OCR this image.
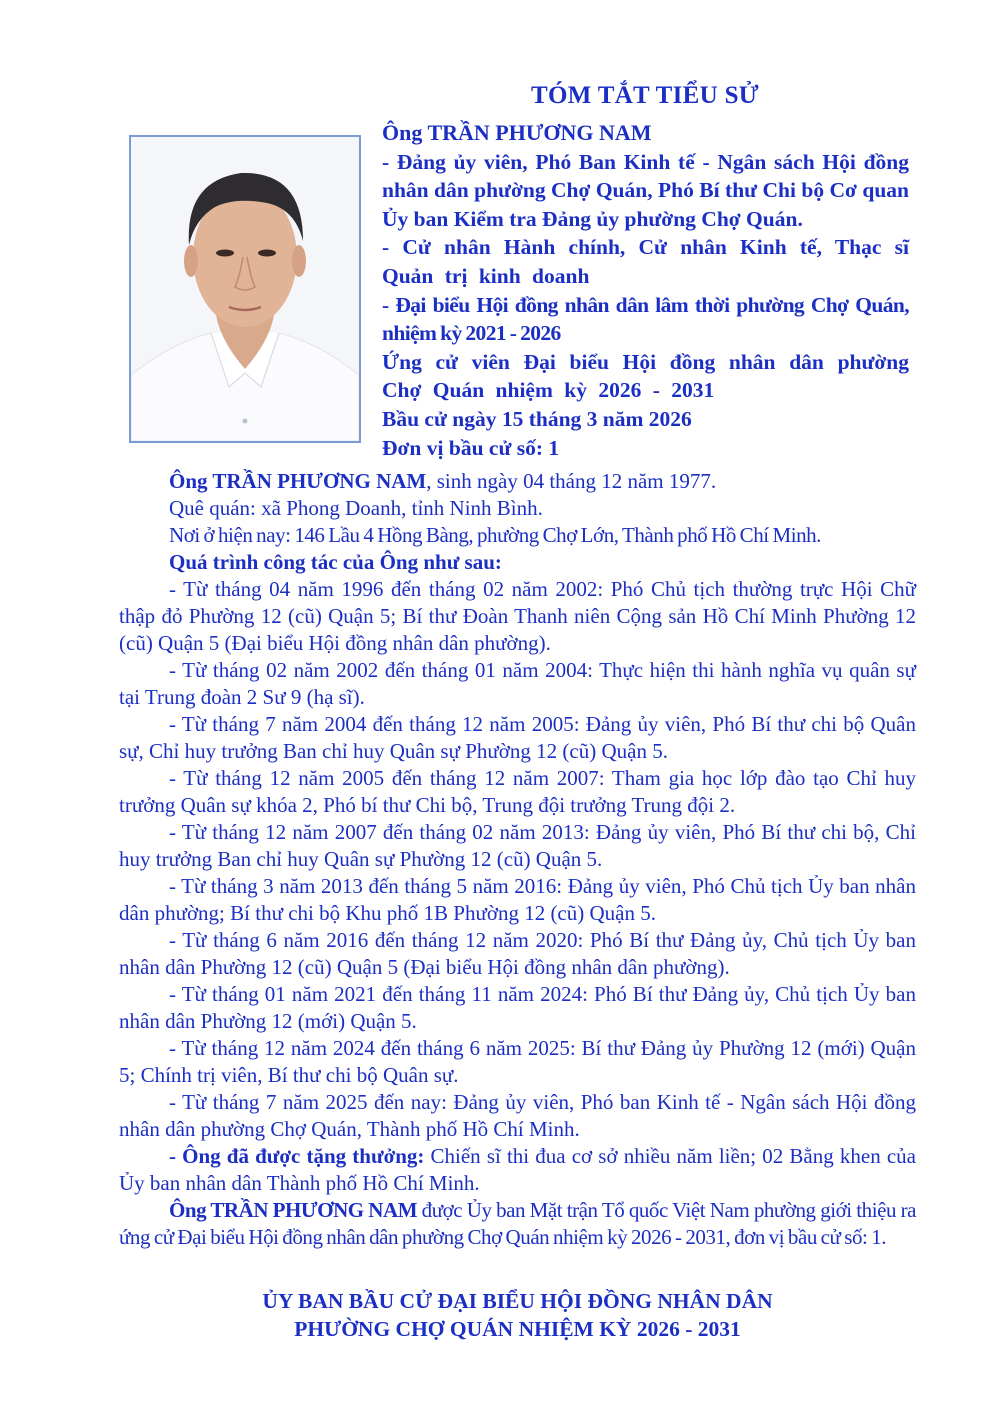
TÓM TẮT TIỂU SỬ

Ông TRẦN PHƯƠNG NAM

- Đảng ủy viên, Phó Ban Kinh tế - Ngân sách Hội đồng nhân dân phường Chợ Quán, Phó Bí thư Chi bộ Cơ quan Ủy ban Kiểm tra Đảng ủy phường Chợ Quán.

- Cử nhân Hành chính, Cử nhân Kinh tế, Thạc sĩ Quản trị kinh doanh

- Đại biểu Hội đồng nhân dân lâm thời phường Chợ Quán, nhiệm kỳ 2021 - 2026

Ứng cử viên Đại biểu Hội đồng nhân dân phường Chợ Quán nhiệm kỳ 2026 - 2031

Bầu cử ngày 15 tháng 3 năm 2026

Đơn vị bầu cử số: 1

Ông TRẦN PHƯƠNG NAM, sinh ngày 04 tháng 12 năm 1977.

Quê quán: xã Phong Doanh, tỉnh Ninh Bình.

Nơi ở hiện nay: 146 Lầu 4 Hồng Bàng, phường Chợ Lớn, Thành phố Hồ Chí Minh.

Quá trình công tác của Ông như sau:

- Từ tháng 04 năm 1996 đến tháng 02 năm 2002: Phó Chủ tịch thường trực Hội Chữ thập đỏ Phường 12 (cũ) Quận 5; Bí thư Đoàn Thanh niên Cộng sản Hồ Chí Minh Phường 12 (cũ) Quận 5 (Đại biểu Hội đồng nhân dân phường).

- Từ tháng 02 năm 2002 đến tháng 01 năm 2004: Thực hiện thi hành nghĩa vụ quân sự tại Trung đoàn 2 Sư 9 (hạ sĩ).

- Từ tháng 7 năm 2004 đến tháng 12 năm 2005: Đảng ủy viên, Phó Bí thư chi bộ Quân sự, Chỉ huy trưởng Ban chỉ huy Quân sự Phường 12 (cũ) Quận 5.

- Từ tháng 12 năm 2005 đến tháng 12 năm 2007: Tham gia học lớp đào tạo Chỉ huy trưởng Quân sự khóa 2, Phó bí thư Chi bộ, Trung đội trưởng Trung đội 2.

- Từ tháng 12 năm 2007 đến tháng 02 năm 2013: Đảng ủy viên, Phó Bí thư chi bộ, Chỉ huy trưởng Ban chỉ huy Quân sự Phường 12 (cũ) Quận 5.

- Từ tháng 3 năm 2013 đến tháng 5 năm 2016: Đảng ủy viên, Phó Chủ tịch Ủy ban nhân dân phường; Bí thư chi bộ Khu phố 1B Phường 12 (cũ) Quận 5.

- Từ tháng 6 năm 2016 đến tháng 12 năm 2020: Phó Bí thư Đảng ủy, Chủ tịch Ủy ban nhân dân Phường 12 (cũ) Quận 5 (Đại biểu Hội đồng nhân dân phường).

- Từ tháng 01 năm 2021 đến tháng 11 năm 2024: Phó Bí thư Đảng ủy, Chủ tịch Ủy ban nhân dân Phường 12 (mới) Quận 5.

- Từ tháng 12 năm 2024 đến tháng 6 năm 2025: Bí thư Đảng ủy Phường 12 (mới) Quận 5; Chính trị viên, Bí thư chi bộ Quân sự.

- Từ tháng 7 năm 2025 đến nay: Đảng ủy viên, Phó ban Kinh tế - Ngân sách Hội đồng nhân dân phường Chợ Quán, Thành phố Hồ Chí Minh.

- Ông đã được tặng thưởng: Chiến sĩ thi đua cơ sở nhiều năm liền; 02 Bằng khen của Ủy ban nhân dân Thành phố Hồ Chí Minh.

Ông TRẦN PHƯƠNG NAM được Ủy ban Mặt trận Tổ quốc Việt Nam phường giới thiệu ra ứng cử Đại biểu Hội đồng nhân dân phường Chợ Quán nhiệm kỳ 2026 - 2031, đơn vị bầu cử số: 1.

ỦY BAN BẦU CỬ ĐẠI BIỂU HỘI ĐỒNG NHÂN DÂN

PHƯỜNG CHỢ QUÁN NHIỆM KỲ 2026 - 2031
